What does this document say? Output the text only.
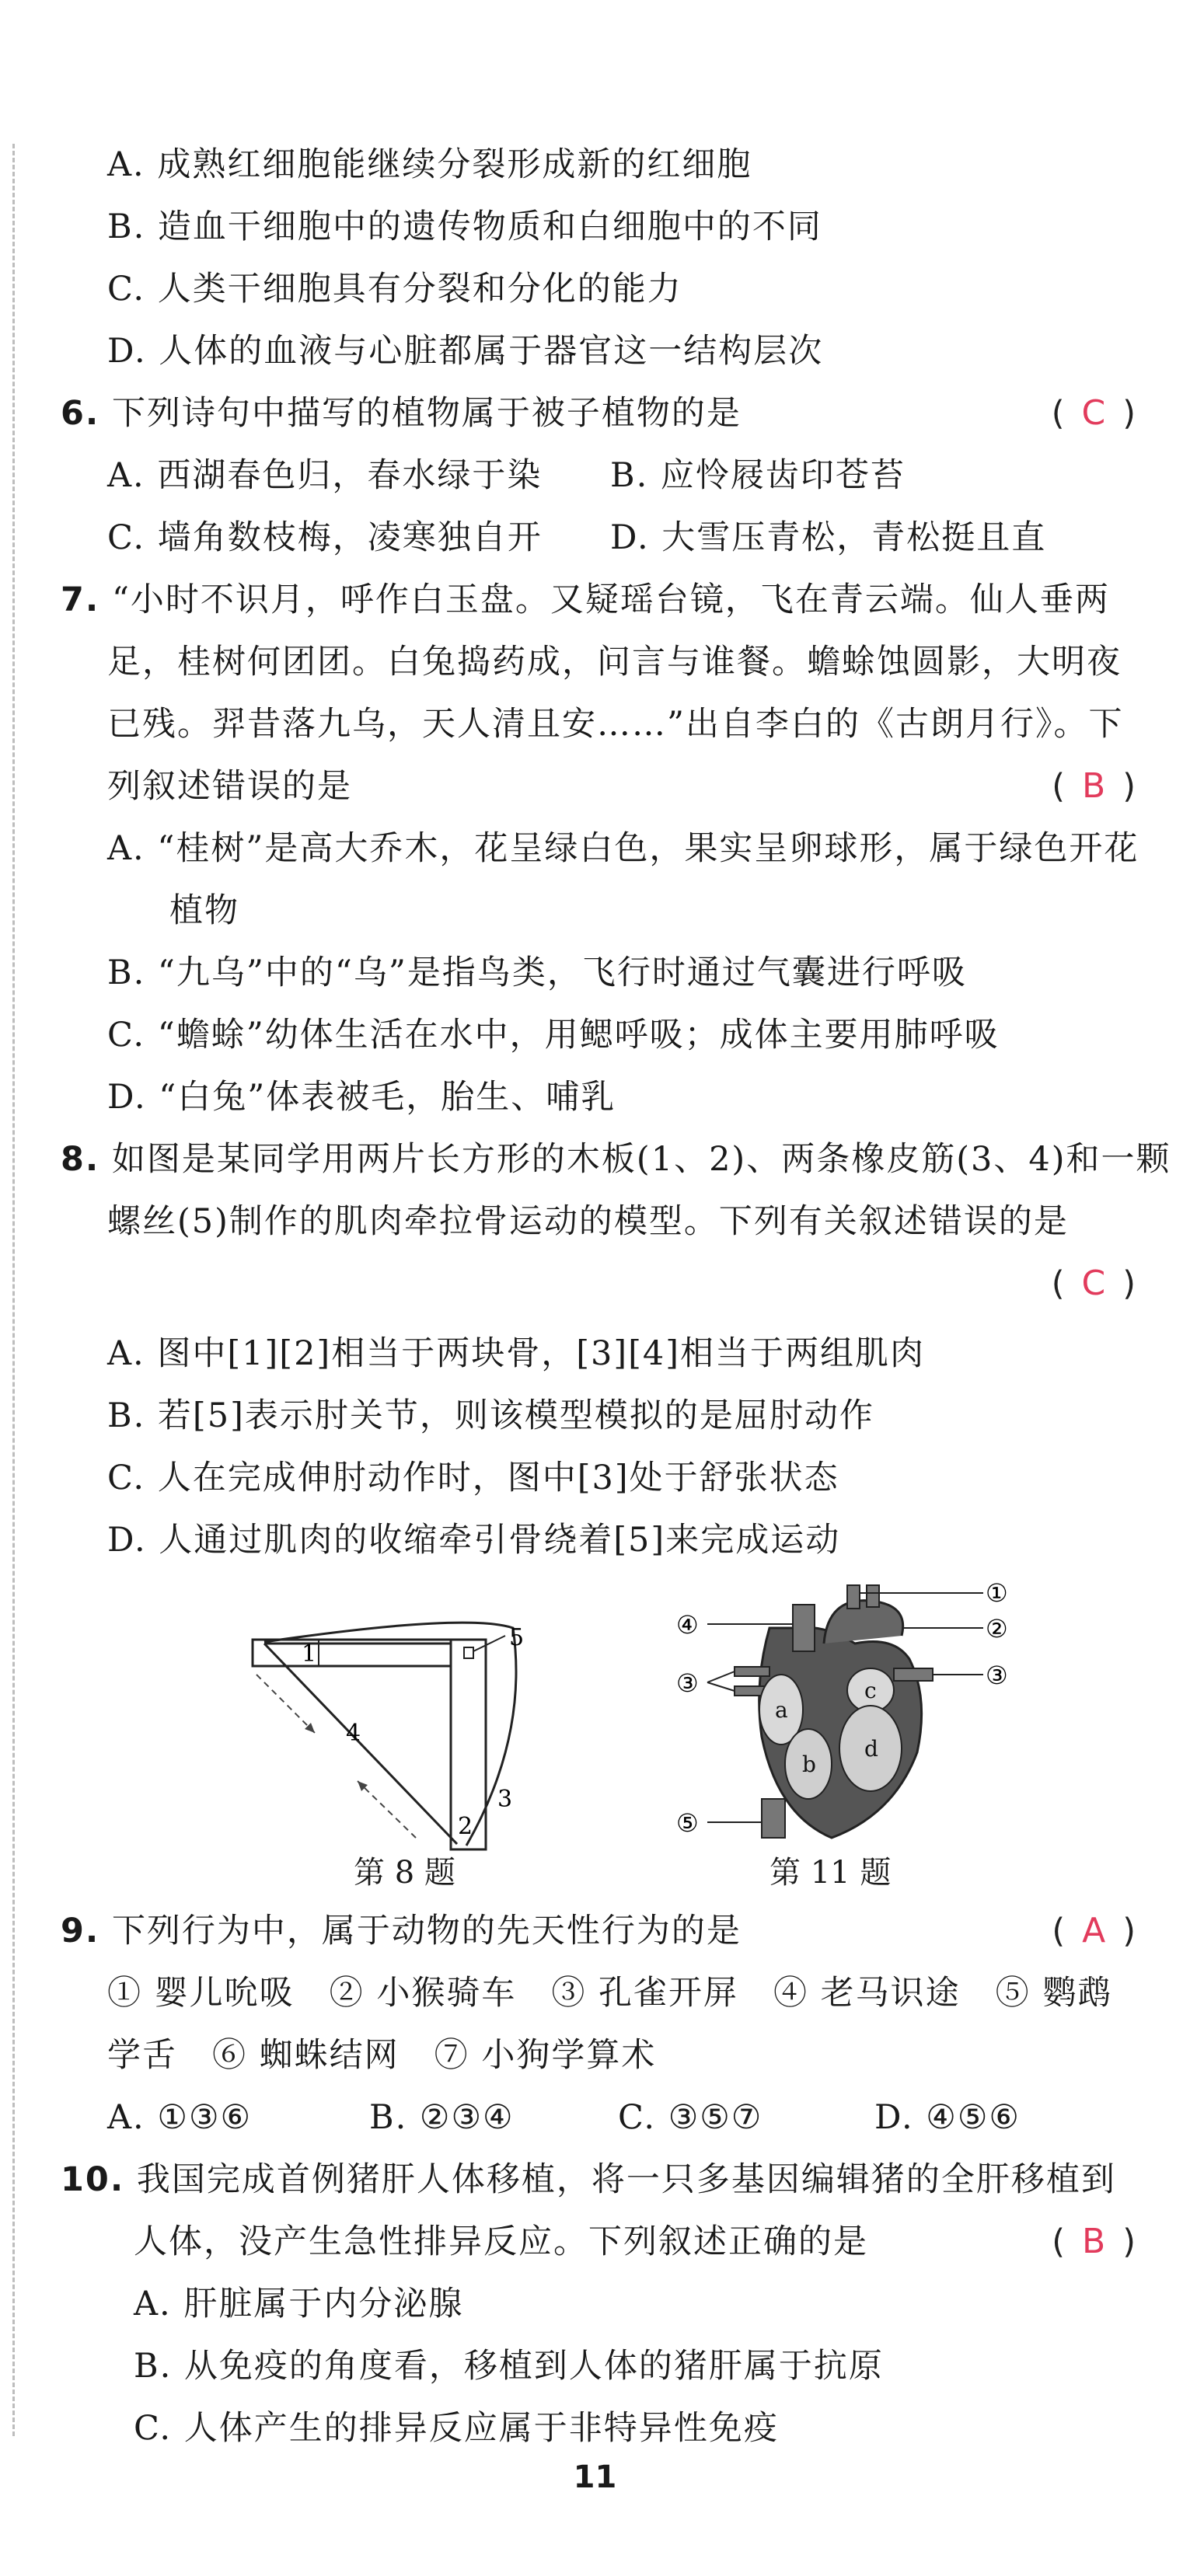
A. 成熟红细胞能继续分裂形成新的红细胞
B. 造血干细胞中的遗传物质和白细胞中的不同
C. 人类干细胞具有分裂和分化的能力
D. 人体的血液与心脏都属于器官这一结构层次
6. 下列诗句中描写的植物属于被子植物的是	( C )
A. 西湖春色归，春水绿于染 B. 应怜屐齿印苍苔
C. 墙角数枝梅，凌寒独自开 D. 大雪压青松，青松挺且直
7. “小时不识月，呼作白玉盘。又疑瑶台镜，飞在青云端。仙人垂两
足，桂树何团团。白兔捣药成，问言与谁餐。蟾蜍蚀圆影，大明夜
已残。羿昔落九乌，天人清且安……”出自李白的《古朗月行》。下
列叙述错误的是	( B )
A. “桂树”是高大乔木，花呈绿白色，果实呈卵球形，属于绿色开花
植物
B. “九乌”中的“乌”是指鸟类，飞行时通过气囊进行呼吸
C. “蟾蜍”幼体生活在水中，用鳃呼吸；成体主要用肺呼吸
D. “白兔”体表被毛，胎生、哺乳
8. 如图是某同学用两片长方形的木板(1、2)、两条橡皮筋(3、4)和一颗
螺丝(5)制作的肌肉牵拉骨运动的模型。下列有关叙述错误的是
( C )
A. 图中[1][2]相当于两块骨，[3][4]相当于两组肌肉
B. 若[5]表示肘关节，则该模型模拟的是屈肘动作
C. 人在完成伸肘动作时，图中[3]处于舒张状态
D. 人通过肌肉的收缩牵引骨绕着[5]来完成运动
1
2
3
4
5
第 8 题
①
②
③
④
③
⑤
a
b
c
d
第 11 题
9. 下列行为中，属于动物的先天性行为的是	( A )
① 婴儿吮吸　② 小猴骑车　③ 孔雀开屏　④ 老马识途　⑤ 鹦鹉
学舌　⑥ 蜘蛛结网　⑦ 小狗学算术
A. ①③⑥	B. ②③④	C. ③⑤⑦	D. ④⑤⑥
10. 我国完成首例猪肝人体移植，将一只多基因编辑猪的全肝移植到
人体，没产生急性排异反应。下列叙述正确的是	( B )
A. 肝脏属于内分泌腺
B. 从免疫的角度看，移植到人体的猪肝属于抗原
C. 人体产生的排异反应属于非特异性免疫
11
